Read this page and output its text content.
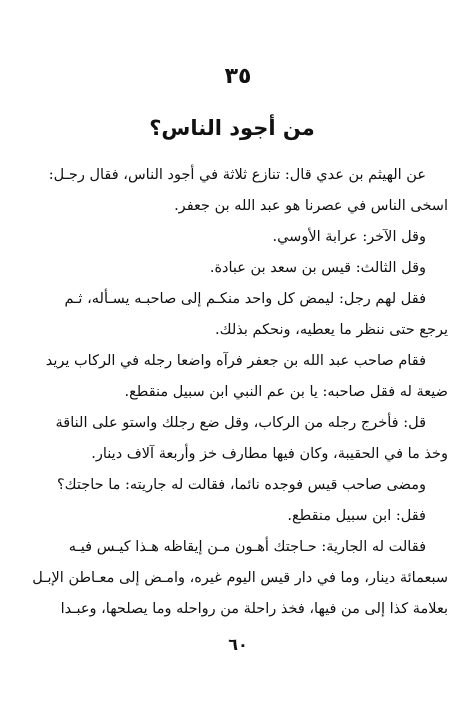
٣٥
من أجود الناس؟

عن الهيثم بن عدي قال: تنازع ثلاثة في أجود الناس، فقال رجـل:

اسخى الناس في عصرنا هو عبد الله بن جعفر.

وقل الآخر: عرابة الأوسي.

وقل الثالث: قيس بن سعد بن عبادة.

فقل لهم رجل: ليمض كل واحد منكـم إلى صاحبـه يسـأله، ثـم

يرجع حتى ننظر ما يعطيه، ونحكم بذلك.

فقام صاحب عبد الله بن جعفر فرآه واضعا رجله في الركاب يريد

ضيعة له فقل صاحبه: يا بن عم النبي ابن سبيل منقطع.

قل: فأخرج رجله من الركاب، وقل ضع رجلك واستو على الناقة

وخذ ما في الحقيبة، وكان فيها مطارف خز وأربعة آلاف دينار.

ومضى صاحب قيس فوجده نائما، فقالت له جاريته: ما حاجتك؟

فقل: ابن سبيل منقطع.

فقالت له الجارية: حـاجتك أهـون مـن إيقاظه هـذا كيـس فيـه

سبعمائة دينار، وما في دار قيس اليوم غيره، وامـض إلى معـاطن الإبـل

بعلامة كذا إلى من فيها، فخذ راحلة من رواحله وما يصلحها، وعبـدا

٦٠
